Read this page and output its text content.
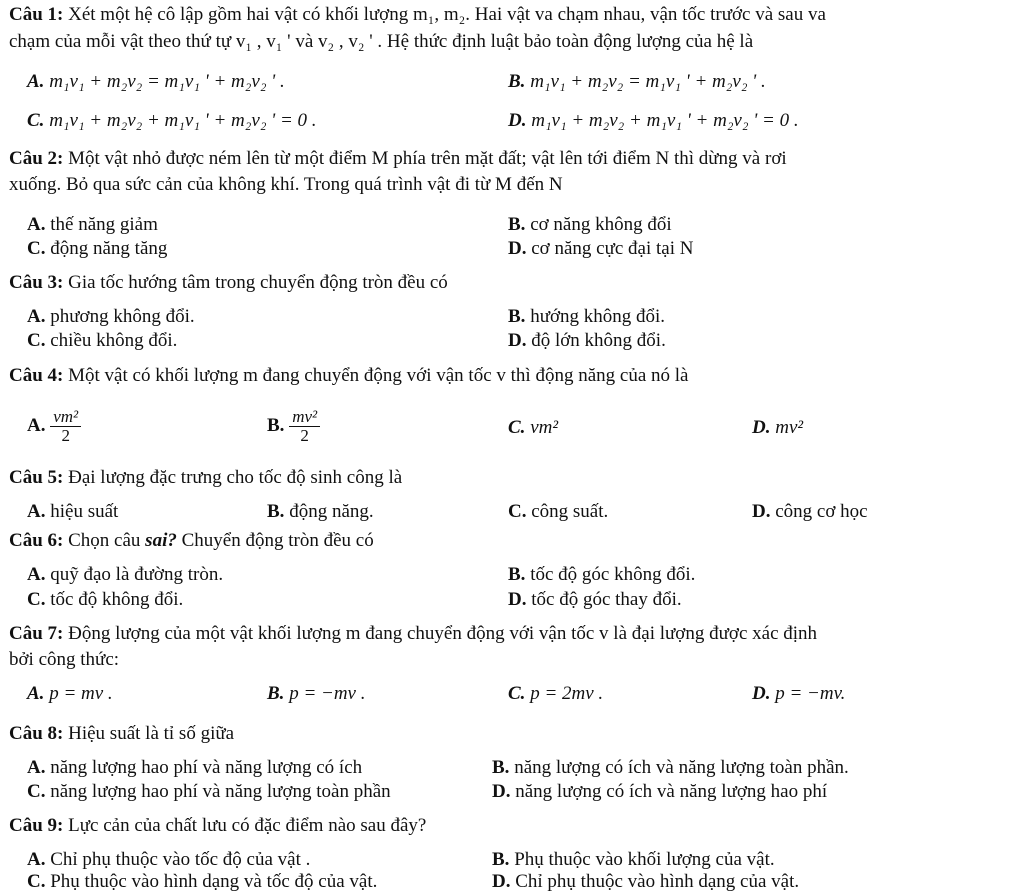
Câu 1: Xét một hệ cô lập gồm hai vật có khối lượng m₁, m₂. Hai vật va chạm nhau, vận tốc trước và sau va
chạm của mỗi vật theo thứ tự v₁ , v₁ ' và v₂ , v₂ ' . Hệ thức định luật bảo toàn động lượng của hệ là
A. m₁v₁ + m₂v₂ = m₁v₁ ' + m₂v₂ ' .	B. m₁v₁ + m₂v₂ = m₁v₁ ' + m₂v₂ ' .
C. m₁v₁ + m₂v₂ + m₁v₁ ' + m₂v₂ ' = 0 .	D. m₁v₁ + m₂v₂ + m₁v₁ ' + m₂v₂ ' = 0 .
Câu 2: Một vật nhỏ được ném lên từ một điểm M phía trên mặt đất; vật lên tới điểm N thì dừng và rơi
xuống. Bỏ qua sức cản của không khí. Trong quá trình vật đi từ M đến N
A. thế năng giảm	B. cơ năng không đổi
C. động năng tăng	D. cơ năng cực đại tại N
Câu 3: Gia tốc hướng tâm trong chuyển động tròn đều có
A. phương không đổi.	B. hướng không đổi.
C. chiều không đổi.	D. độ lớn không đổi.
Câu 4: Một vật có khối lượng m đang chuyển động với vận tốc v thì động năng của nó là
A. $\frac{\text{vm²}}{2}$	B. $\frac{\text{mv²}}{2}$	C. vm²	D. mv²
Câu 5: Đại lượng đặc trưng cho tốc độ sinh công là
A. hiệu suất	B. động năng.	C. công suất.	D. công cơ học
Câu 6: Chọn câu sai? Chuyển động tròn đều có
A. quỹ đạo là đường tròn.	B. tốc độ góc không đổi.
C. tốc độ không đổi.	D. tốc độ góc thay đổi.
Câu 7: Động lượng của một vật khối lượng m đang chuyển động với vận tốc v là đại lượng được xác định
bởi công thức:
A. p = mv .	B. p = −mv .	C. p = 2mv .	D. p = −mv.
Câu 8: Hiệu suất là tỉ số giữa
A. năng lượng hao phí và năng lượng có ích	B. năng lượng có ích và năng lượng toàn phần.
C. năng lượng hao phí và năng lượng toàn phần	D. năng lượng có ích và năng lượng hao phí
Câu 9: Lực cản của chất lưu có đặc điểm nào sau đây?
A. Chỉ phụ thuộc vào tốc độ của vật .	B. Phụ thuộc vào khối lượng của vật.
C. Phụ thuộc vào hình dạng và tốc độ của vật.	D. Chỉ phụ thuộc vào hình dạng của vật.
